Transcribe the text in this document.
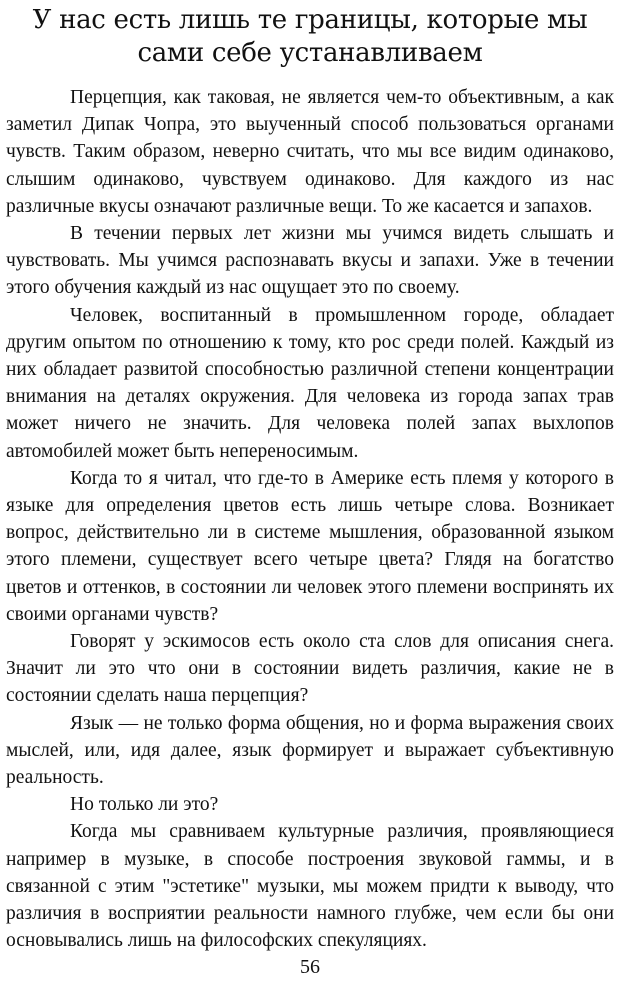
У нас есть лишь те границы, которые мы сами себе устанавливаем

Перцепция, как таковая, не является чем-то объективным, а как заметил Дипак Чопра, это выученный способ пользоваться органами чувств. Таким образом, неверно считать, что мы все видим одинаково, слышим одинаково, чувствуем одинаково. Для каждого из нас различные вкусы означают различные вещи. То же касается и запахов.

В течении первых лет жизни мы учимся видеть слышать и чувствовать. Мы учимся распознавать вкусы и запахи. Уже в течении этого обучения каждый из нас ощущает это по своему.

Человек, воспитанный в промышленном городе, обладает другим опытом по отношению к тому, кто рос среди полей. Каждый из них обладает развитой способностью различной степени концентрации внимания на деталях окружения. Для человека из города запах трав может ничего не значить. Для человека полей запах выхлопов автомобилей может быть непереносимым.

Когда то я читал, что где-то в Америке есть племя у которого в языке для определения цветов есть лишь четыре слова. Возникает вопрос, действительно ли в системе мышления, образованной языком этого племени, существует всего четыре цвета? Глядя на богатство цветов и оттенков, в состоянии ли человек этого племени воспринять их своими органами чувств?

Говорят у эскимосов есть около ста слов для описания снега. Значит ли это что они в состоянии видеть различия, какие не в состоянии сделать наша перцепция?

Язык — не только форма общения, но и форма выражения своих мыслей, или, идя далее, язык формирует и выражает субъективную реальность.

Но только ли это?

Когда мы сравниваем культурные различия, проявляющиеся например в музыке, в способе построения звуковой гаммы, и в связанной с этим "эстетике" музыки, мы можем придти к выводу, что различия в восприятии реальности намного глубже, чем если бы они основывались лишь на философских спекуляциях.

56
